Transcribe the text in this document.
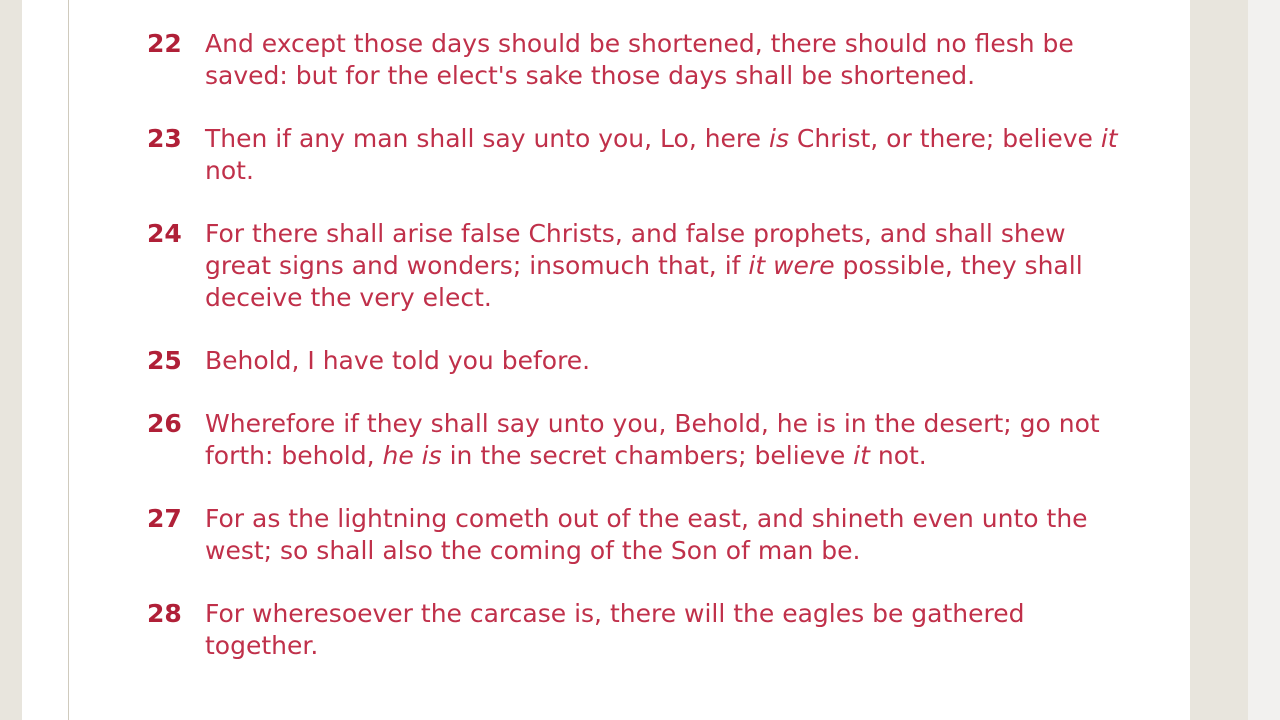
22 And except those days should be shortened, there should no flesh be saved: but for the elect's sake those days shall be shortened.
23 Then if any man shall say unto you, Lo, here is Christ, or there; believe it not.
24 For there shall arise false Christs, and false prophets, and shall shew great signs and wonders; insomuch that, if it were possible, they shall deceive the very elect.
25 Behold, I have told you before.
26 Wherefore if they shall say unto you, Behold, he is in the desert; go not forth: behold, he is in the secret chambers; believe it not.
27 For as the lightning cometh out of the east, and shineth even unto the west; so shall also the coming of the Son of man be.
28 For wheresoever the carcase is, there will the eagles be gathered together.
